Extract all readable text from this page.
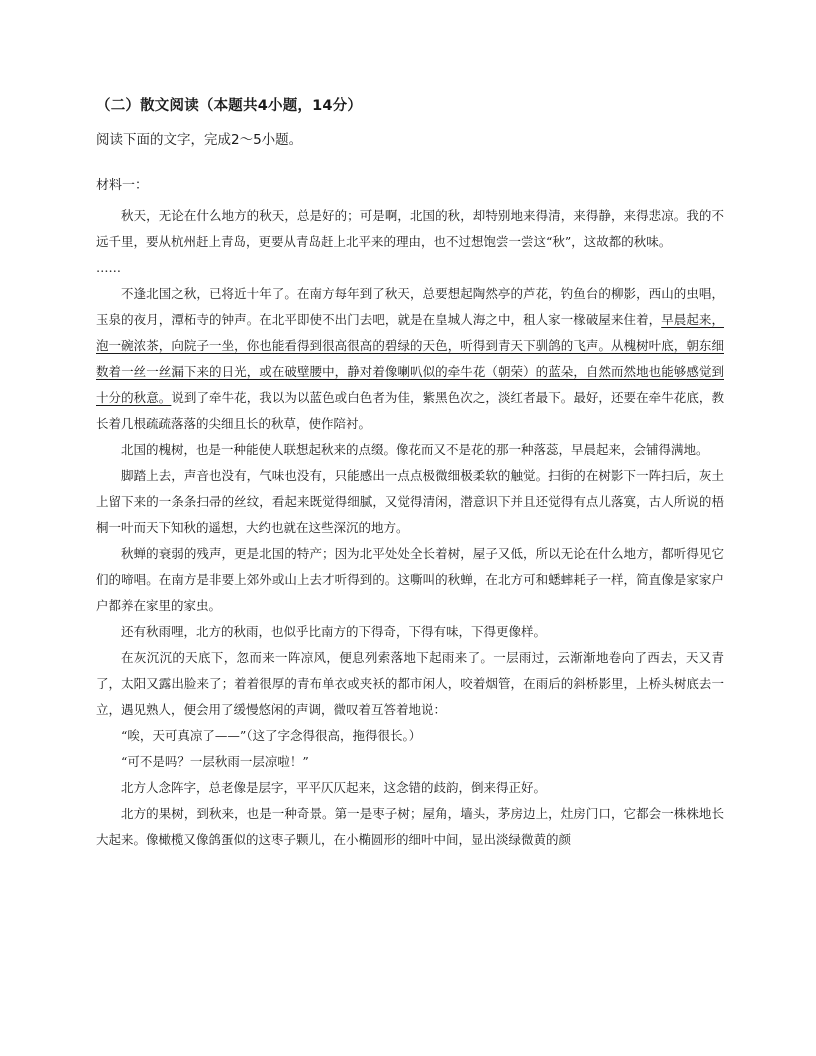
（二）散文阅读（本题共4小题，14分）
阅读下面的文字，完成2～5小题。
材料一：

秋天，无论在什么地方的秋天，总是好的；可是啊，北国的秋，却特别地来得清，来得静，来得悲凉。我的不远千里，要从杭州赶上青岛，更要从青岛赶上北平来的理由，也不过想饱尝一尝这“秋”，这故都的秋味。

……

不逢北国之秋，已将近十年了。在南方每年到了秋天，总要想起陶然亭的芦花，钓鱼台的柳影，西山的虫唱，玉泉的夜月，潭柘寺的钟声。在北平即使不出门去吧，就是在皇城人海之中，租人家一椽破屋来住着，早晨起来，泡一碗浓茶，向院子一坐，你也能看得到很高很高的碧绿的天色，听得到青天下驯鸽的飞声。从槐树叶底，朝东细数着一丝一丝漏下来的日光，或在破壁腰中，静对着像喇叭似的牵牛花（朝荣）的蓝朵，自然而然地也能够感觉到十分的秋意。说到了牵牛花，我以为以蓝色或白色者为佳，紫黑色次之，淡红者最下。最好，还要在牵牛花底，教长着几根疏疏落落的尖细且长的秋草，使作陪衬。

北国的槐树，也是一种能使人联想起秋来的点缀。像花而又不是花的那一种落蕊，早晨起来，会铺得满地。

脚踏上去，声音也没有，气味也没有，只能感出一点点极微细极柔软的触觉。扫街的在树影下一阵扫后，灰土上留下来的一条条扫帚的丝纹，看起来既觉得细腻，又觉得清闲，潜意识下并且还觉得有点儿落寞，古人所说的梧桐一叶而天下知秋的遥想，大约也就在这些深沉的地方。

秋蝉的衰弱的残声，更是北国的特产；因为北平处处全长着树，屋子又低，所以无论在什么地方，都听得见它们的啼唱。在南方是非要上郊外或山上去才听得到的。这嘶叫的秋蝉，在北方可和蟋蟀耗子一样，简直像是家家户户都养在家里的家虫。

还有秋雨哩，北方的秋雨，也似乎比南方的下得奇，下得有味，下得更像样。

在灰沉沉的天底下，忽而来一阵凉风，便息列索落地下起雨来了。一层雨过，云渐渐地卷向了西去，天又青了，太阳又露出脸来了；着着很厚的青布单衣或夹袄的都市闲人，咬着烟管，在雨后的斜桥影里，上桥头树底去一立，遇见熟人，便会用了缓慢悠闲的声调，微叹着互答着地说：

“唉，天可真凉了——”（这了字念得很高，拖得很长。）

“可不是吗？一层秋雨一层凉啦！”

北方人念阵字，总老像是层字，平平仄仄起来，这念错的歧韵，倒来得正好。

北方的果树，到秋来，也是一种奇景。第一是枣子树；屋角，墙头，茅房边上，灶房门口，它都会一株株地长大起来。像橄榄又像鸽蛋似的这枣子颗儿，在小椭圆形的细叶中间，显出淡绿微黄的颜
